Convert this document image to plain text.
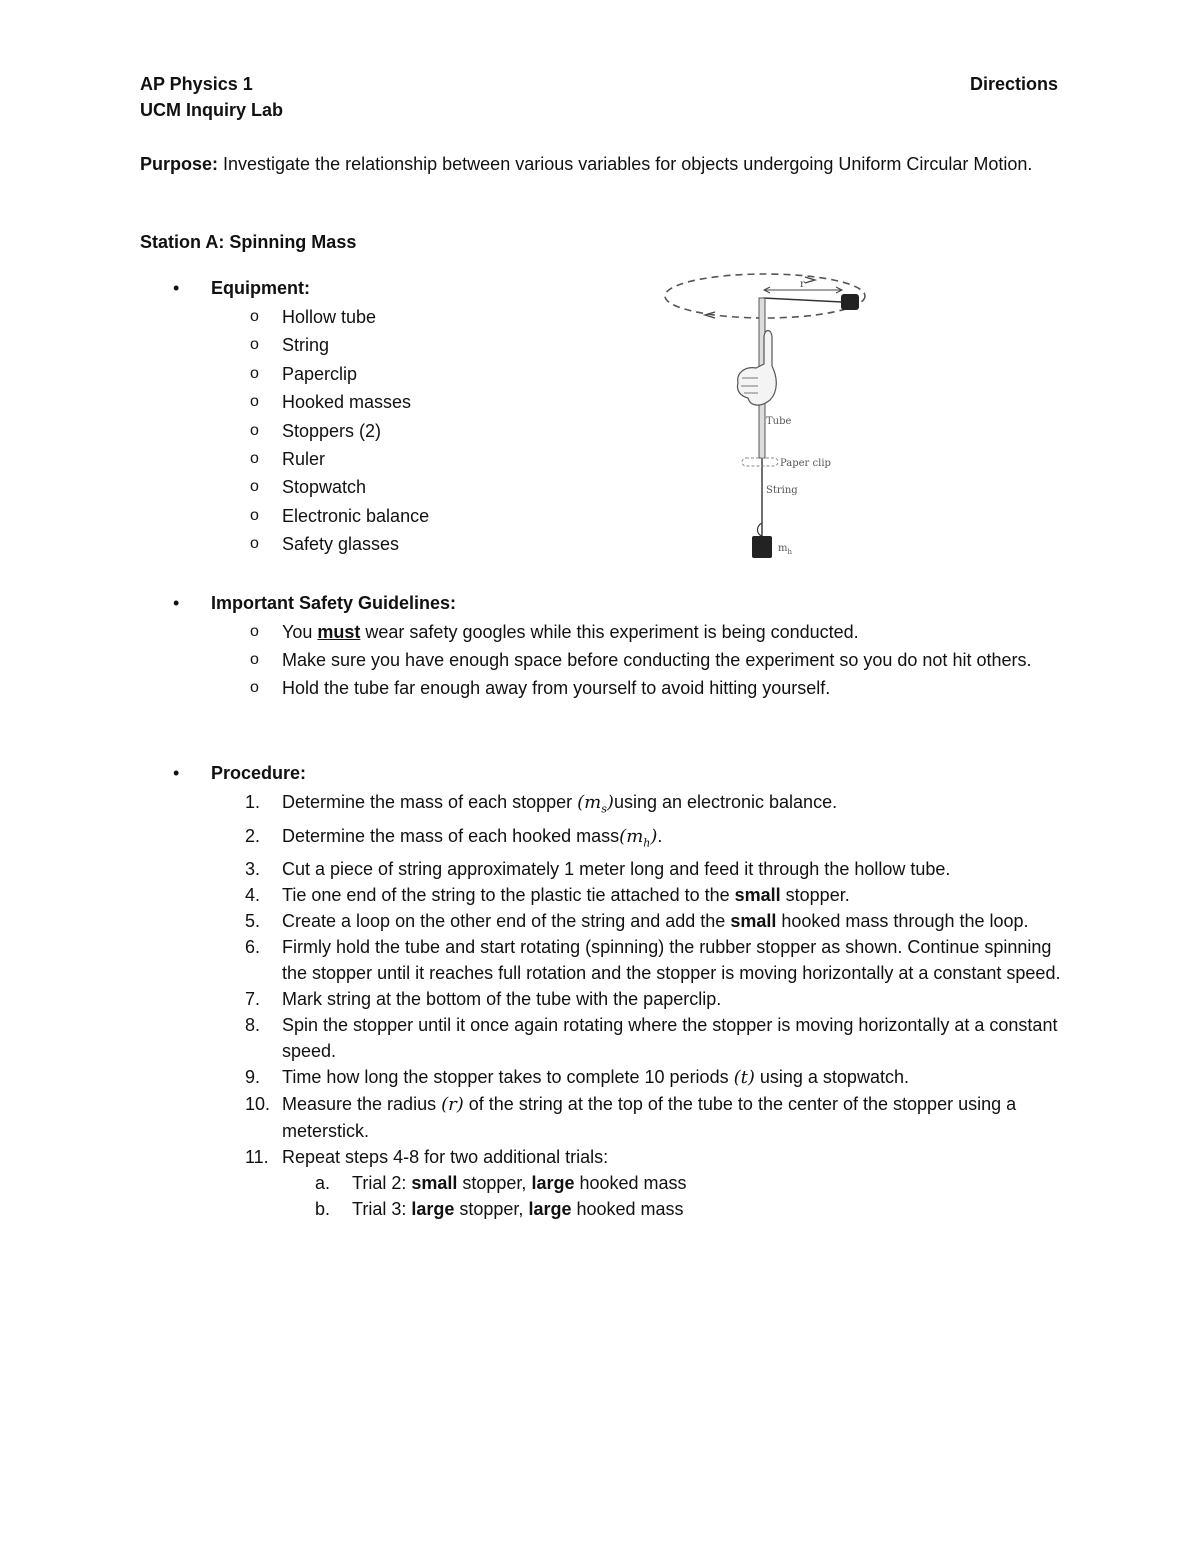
AP Physics 1
UCM Inquiry Lab
Directions
Purpose: Investigate the relationship between various variables for objects undergoing Uniform Circular Motion.
Station A: Spinning Mass
• Equipment:
o Hollow tube
o String
o Paperclip
o Hooked masses
o Stoppers (2)
o Ruler
o Stopwatch
o Electronic balance
o Safety glasses
r
Tube
Paper clip
String
$m_h$
• Important Safety Guidelines:
o You must wear safety googles while this experiment is being conducted.
o Make sure you have enough space before conducting the experiment so you do not hit others.
o Hold the tube far enough away from yourself to avoid hitting yourself.
• Procedure:
1.	Determine the mass of each stopper $(m_s)using$ an electronic balance.
2.	Determine the mass of each hooked $mass(m_h)$.
3.	Cut a piece of string approximately 1 meter long and feed it through the hollow tube.
4.	Tie one end of the string to the plastic tie attached to the small stopper.
5.	Create a loop on the other end of the string and add the small hooked mass through the loop.
6.	Firmly hold the tube and start rotating (spinning) the rubber stopper as shown. Continue spinning the stopper until it reaches full rotation and the stopper is moving horizontally at a constant speed.
7.	Mark string at the bottom of the tube with the paperclip.
8.	Spin the stopper until it once again rotating where the stopper is moving horizontally at a constant speed.
9.	Time how long the stopper takes to complete 10 periods (t) using a stopwatch.
10. Measure the radius (r) of the string at the top of the tube to the center of the stopper using a meterstick.
11. Repeat steps 4-8 for two additional trials:
a. Trial 2: small stopper, large hooked mass
b. Trial 3: large stopper, large hooked mass
